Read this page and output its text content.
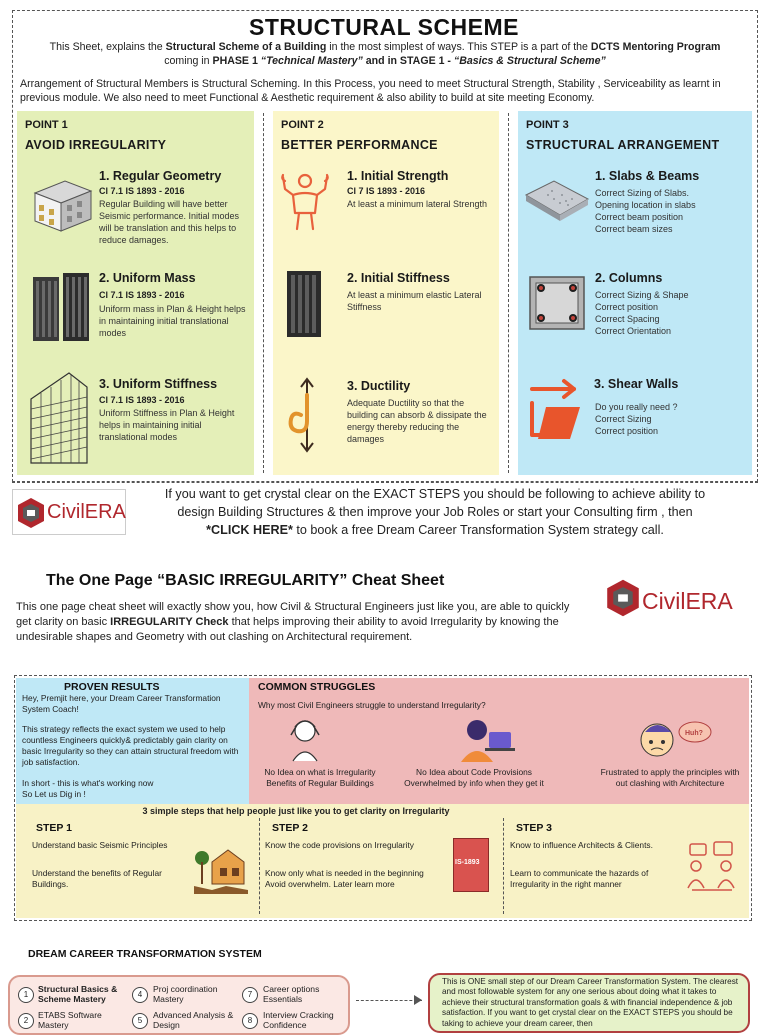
STRUCTURAL SCHEME
This Sheet, explains the Structural Scheme of a Building in the most simplest of ways. This STEP is a part of the DCTS Mentoring Program
coming in PHASE 1 “Technical Mastery” and in STAGE 1 - “Basics & Structural Scheme”
Arrangement of Structural Members is Structural Scheming. In this Process, you need to meet Structural Strength, Stability , Serviceability as learnt in previous module. We also need to meet Functional & Aesthetic requirement & also ability to build at site meeting Economy.
POINT 1
AVOID IRREGULARITY
1. Regular Geometry
Cl 7.1 IS 1893 - 2016
Regular Building will have better Seismic performance. Initial modes will be translation and this helps to reduce damages.
2. Uniform Mass
Cl 7.1 IS 1893 - 2016
Uniform mass in Plan & Height helps in maintaining initial translational modes
3. Uniform Stiffness
Cl 7.1 IS 1893 - 2016
Uniform Stiffness in Plan & Height helps in maintaining initial translational modes
POINT 2
BETTER PERFORMANCE
1. Initial Strength
Cl 7 IS 1893 - 2016
At least a minimum lateral Strength
2. Initial Stiffness
At least a minimum elastic Lateral Stiffness
3. Ductility
Adequate Ductility so that the building can absorb & dissipate the energy thereby reducing the damages
POINT 3
STRUCTURAL ARRANGEMENT
1. Slabs & Beams
Correct Sizing of Slabs.
Opening location in slabs
Correct beam position
Correct beam sizes
2. Columns
Correct Sizing & Shape
Correct position
Correct Spacing
Correct Orientation
3. Shear Walls
Do you really need ?
Correct Sizing
Correct position
CivilERA
If you want to get crystal clear on the EXACT STEPS you should be following to achieve ability to
design Building Structures & then improve your Job Roles or start your Consulting firm , then
*CLICK HERE* to book a free Dream Career Transformation System strategy call.
The One Page “BASIC IRREGULARITY” Cheat Sheet
This one page cheat sheet will exactly show you, how Civil & Structural Engineers just like you, are able to quickly get clarity on basic IRREGULARITY Check that helps improving their ability to avoid Irregularity by knowing the undesirable shapes and Geometry with out clashing on Architectural requirement.
CivilERA
PROVEN RESULTS
Hey, Premjit here, your Dream Career Transformation System Coach!
This strategy reflects the exact system we used to help countless Engineers quickly& predictably gain clarity on basic Irregularity so they can attain structural freedom with job satisfaction.
In short - this is what's working now
So Let us Dig in !
COMMON STRUGGLES
Why most Civil Engineers struggle to understand Irregularity?
No Idea on what is Irregularity Benefits of Regular Buildings
No Idea about Code Provisions Overwhelmed by info when they get it
Huh?
Frustrated to apply the principles with out clashing with Architecture
3 simple steps that help people just like you to get clarity on Irregularity
STEP 1
Understand basic Seismic Principles
Understand the benefits of Regular Buildings.
STEP 2
Know the code provisions on Irregularity
Know only what is needed in the beginning Avoid overwhelm. Later learn more
IS-1893
STEP 3
Know to influence Architects & Clients.
Learn to communicate the hazards of Irregularity in the right manner
DREAM CAREER TRANSFORMATION SYSTEM
1
Structural Basics & Scheme Mastery
2
ETABS Software Mastery
4
Proj coordination Mastery
5
Advanced Analysis & Design
7
Career options Essentials
8
Interview Cracking Confidence
This is ONE small step of our Dream Career Transformation System. The clearest and most followable system for any one serious about doing what it takes to achieve their structural transformation goals & with financial independence & job satisfaction. If you want to get crystal clear on the EXACT STEPS you should be taking to achieve your dream career, then
